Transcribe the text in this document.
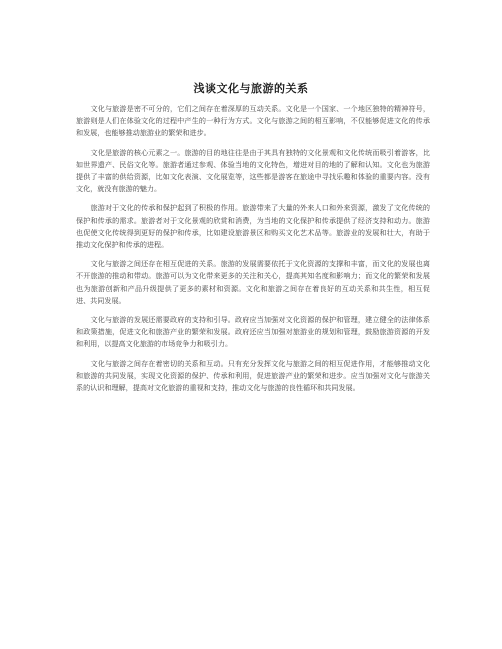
浅谈文化与旅游的关系

文化与旅游是密不可分的，它们之间存在着深厚的互动关系。文化是一个国家、一个地区独特的精神符号，旅游则是人们在体验文化的过程中产生的一种行为方式。文化与旅游之间的相互影响，不仅能够促进文化的传承和发展，也能够推动旅游业的繁荣和进步。

文化是旅游的核心元素之一。旅游的目的地往往是由于其具有独特的文化景观和文化传统而吸引着游客，比如世界遗产、民俗文化等。旅游者通过参观、体验当地的文化特色，增进对目的地的了解和认知。文化也为旅游提供了丰富的供给资源，比如文化表演、文化展览等，这些都是游客在旅途中寻找乐趣和体验的重要内容。没有文化，就没有旅游的魅力。

旅游对于文化的传承和保护起到了积极的作用。旅游带来了大量的外来人口和外来资源，激发了文化传统的保护和传承的需求。旅游者对于文化景观的欣赏和消费，为当地的文化保护和传承提供了经济支持和动力。旅游也促使文化传统得到更好的保护和传承，比如建设旅游景区和购买文化艺术品等。旅游业的发展和壮大，有助于推动文化保护和传承的进程。

文化与旅游之间还存在相互促进的关系。旅游的发展需要依托于文化资源的支撑和丰富，而文化的发展也离不开旅游的推动和带动。旅游可以为文化带来更多的关注和关心，提高其知名度和影响力；而文化的繁荣和发展也为旅游创新和产品升级提供了更多的素材和资源。文化和旅游之间存在着良好的互动关系和共生性，相互促进、共同发展。

文化与旅游的发展还需要政府的支持和引导。政府应当加强对文化资源的保护和管理，建立健全的法律体系和政策措施，促进文化和旅游产业的繁荣和发展。政府还应当加强对旅游业的规划和管理，鼓励旅游资源的开发和利用，以提高文化旅游的市场竞争力和吸引力。

文化与旅游之间存在着密切的关系和互动。只有充分发挥文化与旅游之间的相互促进作用，才能够推动文化和旅游的共同发展，实现文化资源的保护、传承和利用，促进旅游产业的繁荣和进步。应当加强对文化与旅游关系的认识和理解，提高对文化旅游的重视和支持，推动文化与旅游的良性循环和共同发展。
